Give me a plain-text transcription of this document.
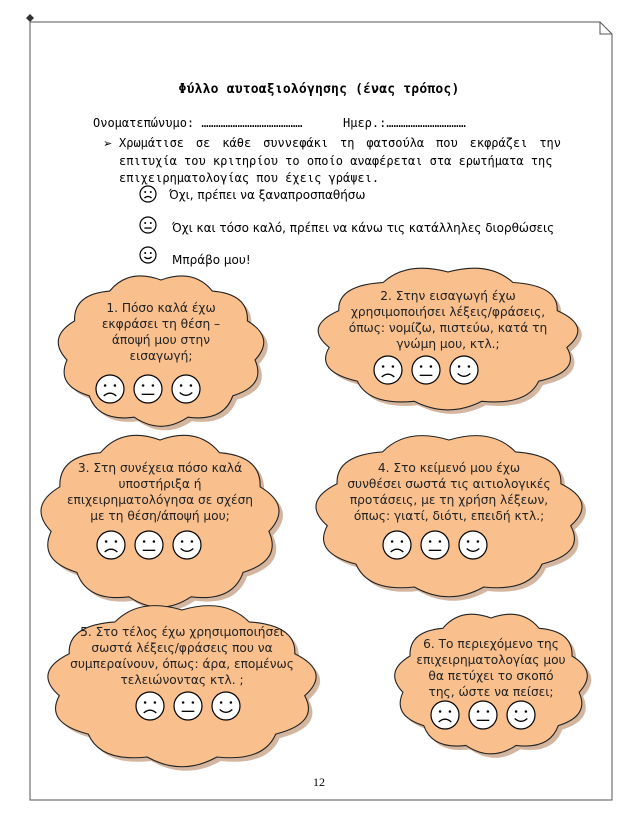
Φύλλο αυτοαξιολόγησης (ένας τρόπος)
Ονοματεπώνυμο: ……………………………………	Ημερ.:……………………………
➢ Χρωμάτισε σε κάθε συννεφάκι τη φατσούλα που εκφράζει την επιτυχία του κριτηρίου το οποίο αναφέρεται στα ερωτήματα της
επιχειρηματολογίας που έχεις γράψει.
Όχι, πρέπει να ξαναπροσπαθήσω
Όχι και τόσο καλό, πρέπει να κάνω τις κατάλληλες διορθώσεις
Μπράβο μου!
1. Πόσο καλά έχω
εκφράσει τη θέση –
άποψή μου στην
εισαγωγή;
2. Στην εισαγωγή έχω
χρησιμοποιήσει λέξεις/φράσεις,
όπως: νομίζω, πιστεύω, κατά τη
γνώμη μου, κτλ.;
3. Στη συνέχεια πόσο καλά
υποστήριξα ή
επιχειρηματολόγησα σε σχέση
με τη θέση/άποψή μου;
4. Στο κείμενό μου έχω
συνθέσει σωστά τις αιτιολογικές
προτάσεις, με τη χρήση λέξεων,
όπως: γιατί, διότι, επειδή κτλ.;
5. Στο τέλος έχω χρησιμοποιήσει
σωστά λέξεις/φράσεις που να
συμπεραίνουν, όπως: άρα, επομένως
τελειώνοντας κτλ. ;
6. Το περιεχόμενο της
επιχειρηματολογίας μου
θα πετύχει το σκοπό
της, ώστε να πείσει;
12
